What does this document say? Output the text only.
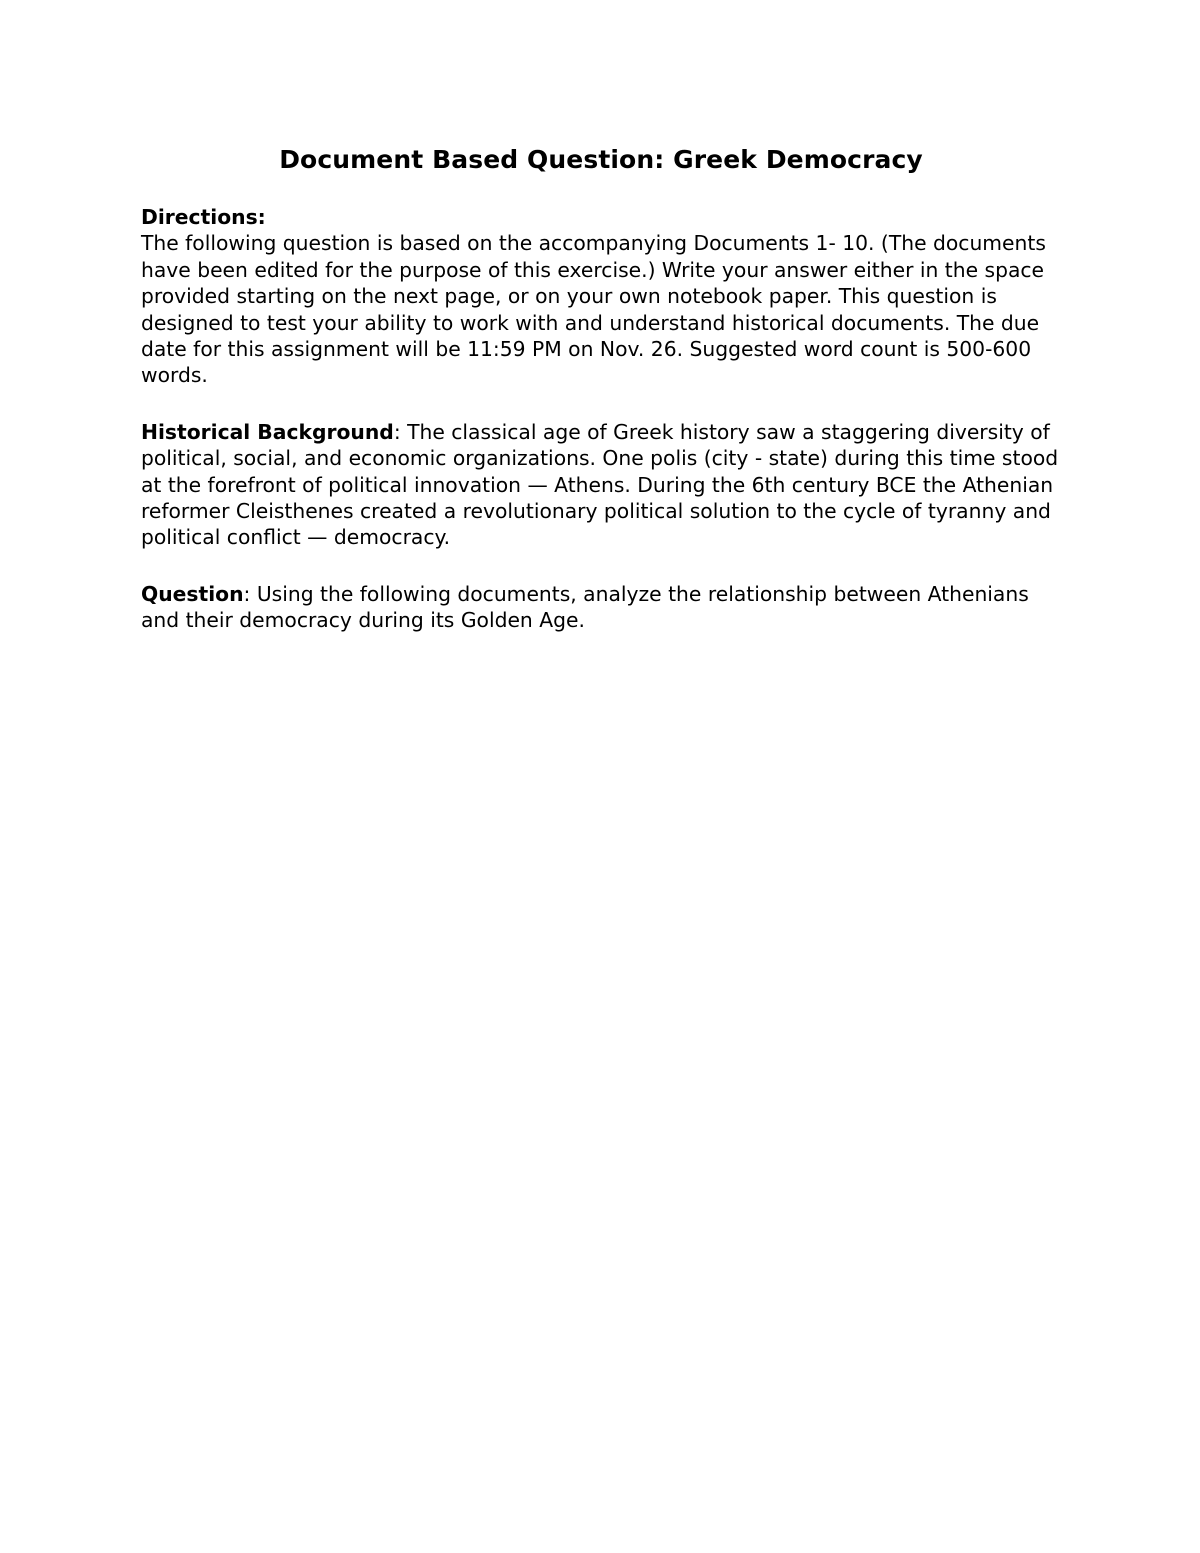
Document Based Question: Greek Democracy
Directions:

The following question is based on the accompanying Documents 1- 10. (The documents have been edited for the purpose of this exercise.) Write your answer either in the space provided starting on the next page, or on your own notebook paper. This question is designed to test your ability to work with and understand historical documents. The due date for this assignment will be 11:59 PM on Nov. 26. Suggested word count is 500-600 words.

Historical Background: The classical age of Greek history saw a staggering diversity of political, social, and economic organizations. One polis (city - state) during this time stood at the forefront of political innovation — Athens. During the 6th century BCE the Athenian reformer Cleisthenes created a revolutionary political solution to the cycle of tyranny and political conflict — democracy.

Question: Using the following documents, analyze the relationship between Athenians and their democracy during its Golden Age.
